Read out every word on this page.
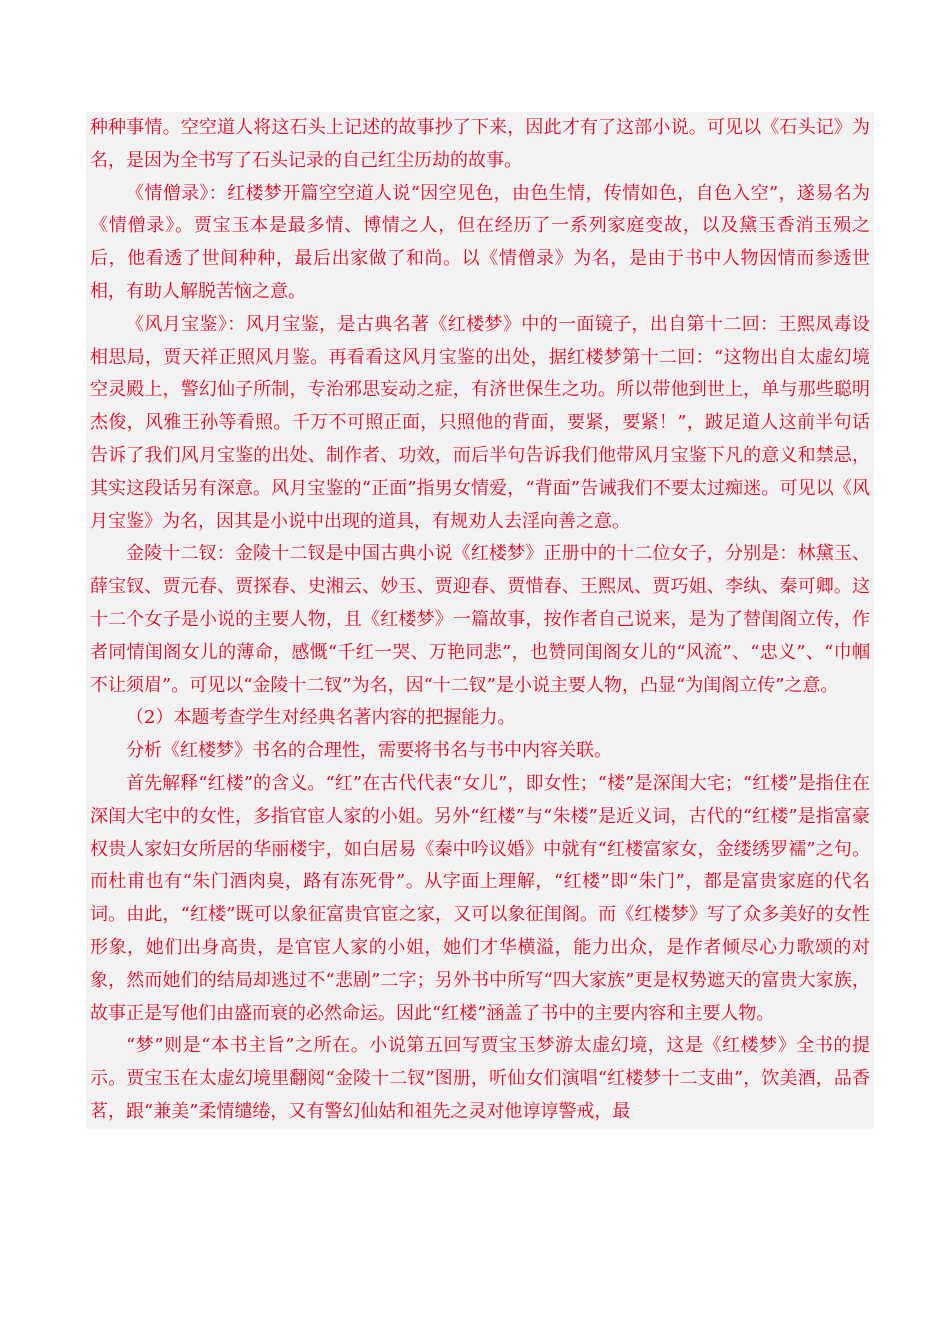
种种事情。空空道人将这石头上记述的故事抄了下来，因此才有了这部小说。可见以《石头记》为名，是因为全书写了石头记录的自己红尘历劫的故事。

《情僧录》：红楼梦开篇空空道人说“因空见色，由色生情，传情如色，自色入空”，遂易名为《情僧录》。贾宝玉本是最多情、博情之人，但在经历了一系列家庭变故，以及黛玉香消玉殒之后，他看透了世间种种，最后出家做了和尚。以《情僧录》为名，是由于书中人物因情而参透世相，有助人解脱苦恼之意。

《风月宝鉴》：风月宝鉴，是古典名著《红楼梦》中的一面镜子，出自第十二回：王熙凤毒设相思局，贾天祥正照风月鉴。再看看这风月宝鉴的出处，据红楼梦第十二回：“这物出自太虚幻境空灵殿上，警幻仙子所制，专治邪思妄动之症，有济世保生之功。所以带他到世上，单与那些聪明杰俊，风雅王孙等看照。千万不可照正面，只照他的背面，要紧，要紧！”，跛足道人这前半句话告诉了我们风月宝鉴的出处、制作者、功效，而后半句告诉我们他带风月宝鉴下凡的意义和禁忌，其实这段话另有深意。风月宝鉴的“正面”指男女情爱，“背面”告诫我们不要太过痴迷。可见以《风月宝鉴》为名，因其是小说中出现的道具，有规劝人去淫向善之意。

金陵十二钗：金陵十二钗是中国古典小说《红楼梦》正册中的十二位女子，分别是：林黛玉、薛宝钗、贾元春、贾探春、史湘云、妙玉、贾迎春、贾惜春、王熙凤、贾巧姐、李纨、秦可卿。这十二个女子是小说的主要人物，且《红楼梦》一篇故事，按作者自己说来，是为了替闺阁立传，作者同情闺阁女儿的薄命，感慨“千红一哭、万艳同悲”，也赞同闺阁女儿的“风流”、“忠义”、“巾帼不让须眉”。可见以“金陵十二钗”为名，因“十二钗”是小说主要人物，凸显“为闺阁立传”之意。

（2）本题考查学生对经典名著内容的把握能力。

分析《红楼梦》书名的合理性，需要将书名与书中内容关联。

首先解释“红楼”的含义。“红”在古代代表“女儿”，即女性；“楼”是深闺大宅；“红楼”是指住在深闺大宅中的女性，多指官宦人家的小姐。另外“红楼”与“朱楼”是近义词，古代的“红楼”是指富豪权贵人家妇女所居的华丽楼宇，如白居易《秦中吟议婚》中就有“红楼富家女，金缕绣罗襦”之句。而杜甫也有“朱门酒肉臭，路有冻死骨”。从字面上理解，“红楼”即“朱门”，都是富贵家庭的代名词。由此，“红楼”既可以象征富贵官宦之家，又可以象征闺阁。而《红楼梦》写了众多美好的女性形象，她们出身高贵，是官宦人家的小姐，她们才华横溢，能力出众，是作者倾尽心力歌颂的对象，然而她们的结局却逃过不“悲剧”二字；另外书中所写“四大家族”更是权势遮天的富贵大家族，故事正是写他们由盛而衰的必然命运。因此“红楼”涵盖了书中的主要内容和主要人物。

“梦”则是“本书主旨”之所在。小说第五回写贾宝玉梦游太虚幻境，这是《红楼梦》全书的提示。贾宝玉在太虚幻境里翻阅“金陵十二钗”图册，听仙女们演唱“红楼梦十二支曲”，饮美酒，品香茗，跟“兼美”柔情缱绻，又有警幻仙姑和祖先之灵对他谆谆警戒，最
